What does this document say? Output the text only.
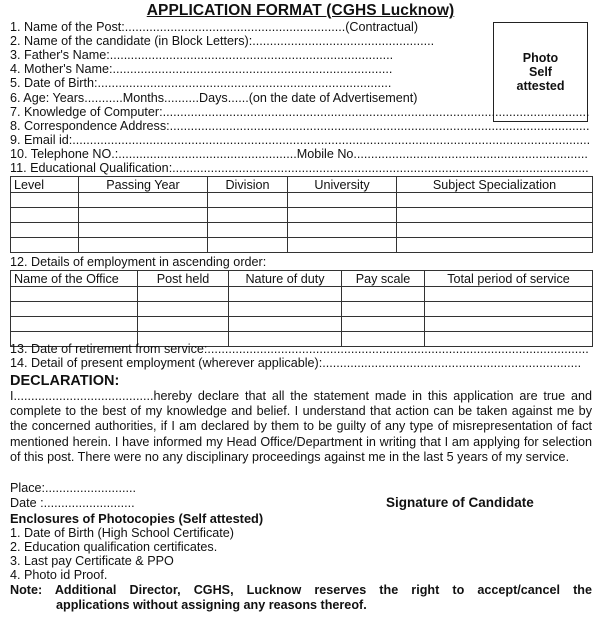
APPLICATION FORMAT (CGHS Lucknow)
1. Name of the Post:...............................................................(Contractual)
2. Name of the candidate (in Block Letters):....................................................
3. Father's Name:.................................................................................
4. Mother's Name:................................................................................
5. Date of Birth:....................................................................................
6. Age: Years...........Months..........Days......(on the date of Advertisement)
Photo
Self
attested
7. Knowledge of Computer:..........................................................................................................................
8. Correspondence Address:........................................................................................................................
9. Email id:....................................................................................................................................................
10. Telephone NO.:...................................................Mobile No...................................................................
11. Educational Qualification:.......................................................................................................................
Level	Passing Year	Division	University	Subject Specialization

12. Details of employment in ascending order:
Name of the Office	Post held	Nature of duty	Pay scale	Total period of service

13. Date of retirement from service:.............................................................................................................
14. Detail of present employment (wherever applicable):..........................................................................
DECLARATION:
I........................................hereby declare that all the statement made in this application are true and complete to the best of my knowledge and belief. I understand that action can be taken against me by the concerned authorities, if I am declared by them to be guilty of any type of misrepresentation of fact mentioned herein. I have informed my Head Office/Department in writing that I am applying for selection of this post. There were no any disciplinary proceedings against me in the last 5 years of my service.
Place:..........................
Date :..........................	Signature of Candidate
Enclosures of Photocopies (Self attested)
1. Date of Birth (High School Certificate)
2. Education qualification certificates.
3. Last pay Certificate & PPO
4. Photo id Proof.
Note: Additional Director, CGHS, Lucknow reserves the right to accept/cancel the
applications without assigning any reasons thereof.
